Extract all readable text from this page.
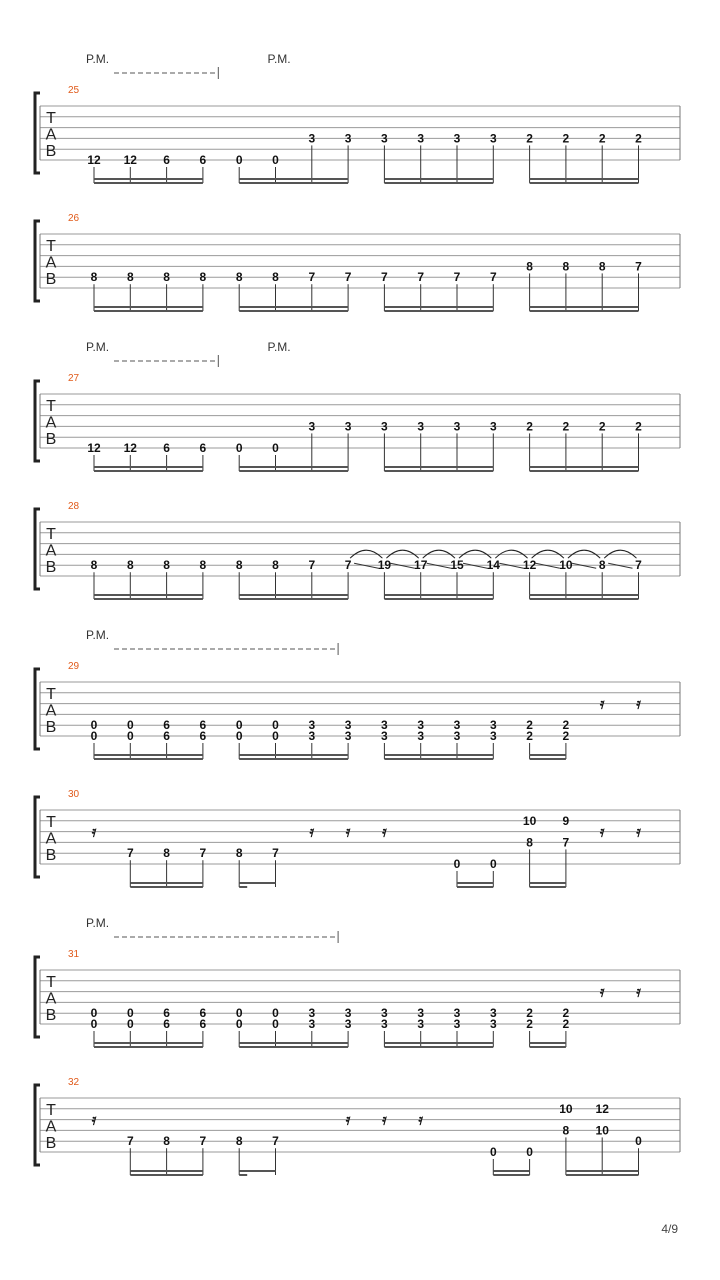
T
A
B
25
P.M.	P.M.
12 12 6 6 0 0
3 3 3 3 3 3 2 2 2 2
T
A
B
26
8 8 8 8 8 8 7 7 7 7 7 7
8 8 8 7
T
A
B
27
P.M.	P.M.
12 12 6 6 0 0
3 3 3 3 3 3 2 2 2 2
T
A
B
28
8 8 8 8 8 8 7 7 19 17 15 14 12 10 8 7
T
A
B
29
P.M.
0
0
0
0
6
6
6
6
0
0
0
0
3
3
3
3
3
3
3
3
3
3
3
3
2
2
2
2
𝄿 𝄿
T
A
B
30
𝄿
7 8 7 8 7
𝄿 𝄿 𝄿
0 0
10
8
9
7
𝄿 𝄿
T
A
B
31
P.M.
0
0
0
0
6
6
6
6
0
0
0
0
3
3
3
3
3
3
3
3
3
3
3
3
2
2
2
2
𝄿 𝄿
T
A
B
32
𝄿
7 8 7 8 7
𝄿 𝄿 𝄿
0 0
10
8
12
10
0
4/9
